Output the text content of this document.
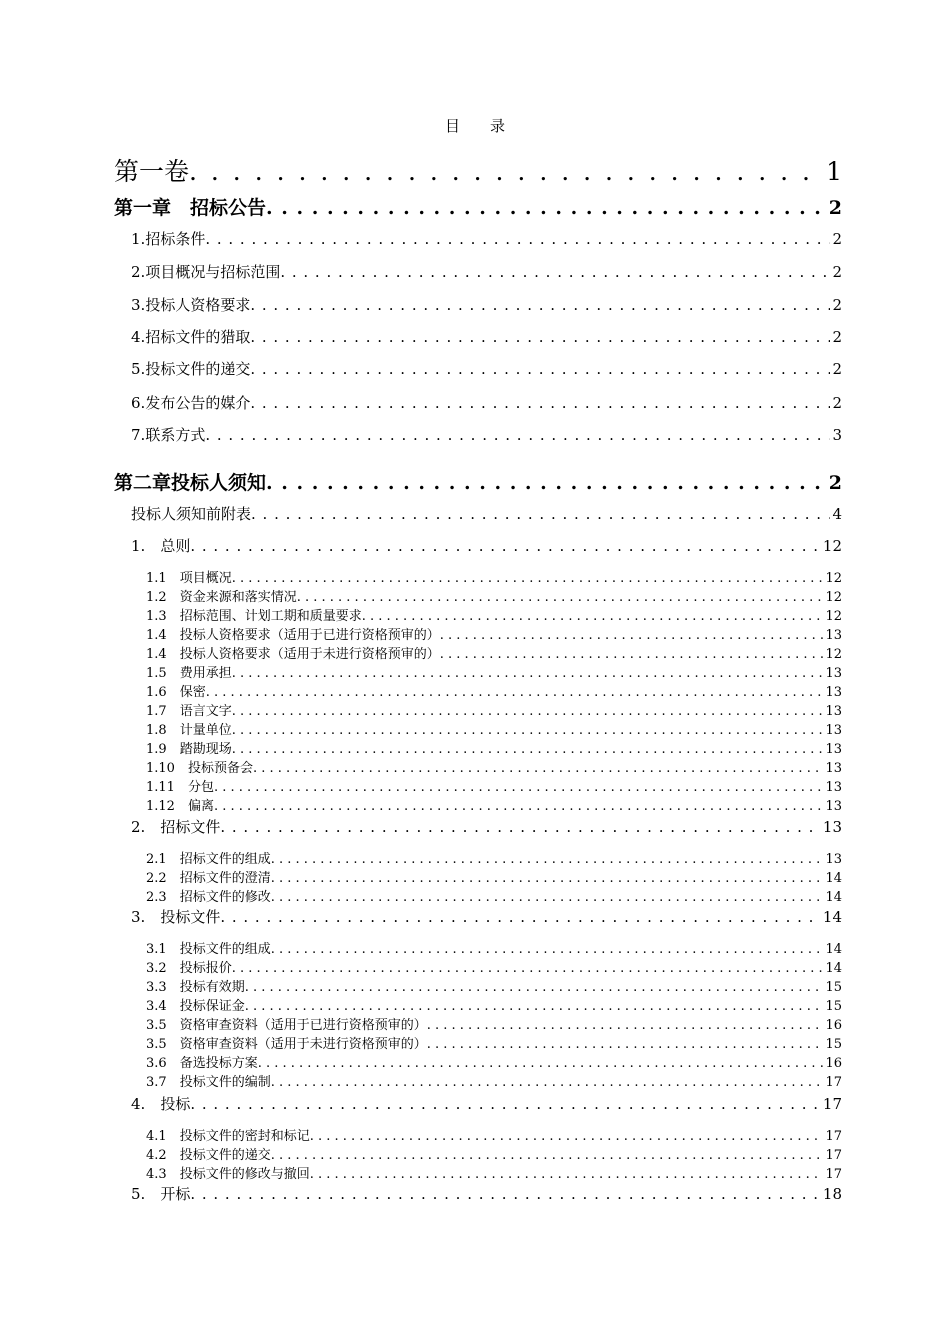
目　　录
第一卷 . . .	1
第一章　 招标公告 . . .	2
1. 招标条件 . . .	2
2. 项目概况与招标范围 . . .	2
3. 投标人资格要求 . . .	2
4. 招标文件的猎取 . . .	2
5. 投标文件的递交 . . .	2
6. 发布公告的媒介 . . .	2
7. 联系方式 . . .	3
第二章 投标人须知 . . .	2
投标人须知前附表 . . .	4
1.　 总则 . . .	12
1.1　 项目概况 . . .	12
1.2　 资金来源和落实情况 . . .	12
1.3　 招标范围、计划工期和质量要求 . . .	12
1.4　 投标人资格要求（适用于已进行资格预审的） . . .	13
1.4　 投标人资格要求（适用于未进行资格预审的） . . .	12
1.5　 费用承担 . . .	13
1.6　 保密 . . .	13
1.7　 语言文字 . . .	13
1.8　 计量单位 . . .	13
1.9　 踏勘现场 . . .	13
1.10　 投标预备会 . . .	13
1.11　 分包 . . .	13
1.12　 偏离 . . .	13
2.　 招标文件 . . .	13
2.1　 招标文件的组成 . . .	13
2.2　 招标文件的澄清 . . .	14
2.3　 招标文件的修改 . . .	14
3.　 投标文件 . . .	14
3.1　 投标文件的组成 . . .	14
3.2　 投标报价 . . .	14
3.3　 投标有效期 . . .	15
3.4　 投标保证金 . . .	15
3.5　 资格审查资料（适用于已进行资格预审的） . . .	16
3.5　 资格审查资料（适用于未进行资格预审的） . . .	15
3.6　 备选投标方案 . . .	16
3.7　 投标文件的编制 . . .	17
4.　 投标 . . .	17
4.1　 投标文件的密封和标记 . . .	17
4.2　 投标文件的递交 . . .	17
4.3　 投标文件的修改与撤回 . . .	17
5.　 开标 . . .	18
